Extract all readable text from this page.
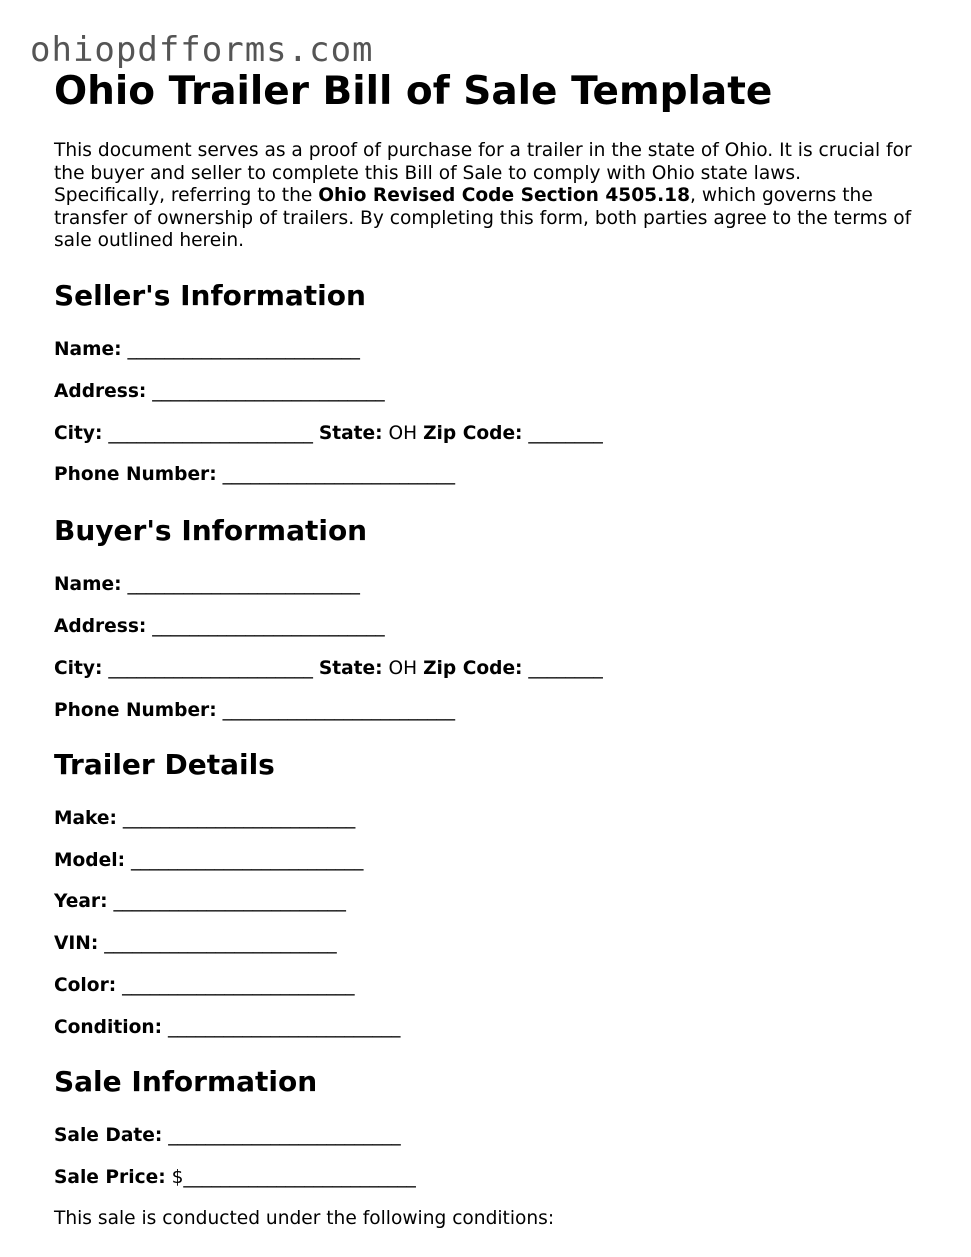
ohiopdfforms.com
Ohio Trailer Bill of Sale Template

This document serves as a proof of purchase for a trailer in the state of Ohio. It is crucial for the buyer and seller to complete this Bill of Sale to comply with Ohio state laws. Specifically, referring to the Ohio Revised Code Section 4505.18, which governs the transfer of ownership of trailers. By completing this form, both parties agree to the terms of sale outlined herein.

Seller's Information

Name: _________________________

Address: _________________________

City: ______________________ State: OH Zip Code: ________

Phone Number: _________________________

Buyer's Information

Name: _________________________

Address: _________________________

City: ______________________ State: OH Zip Code: ________

Phone Number: _________________________

Trailer Details

Make: _________________________

Model: _________________________

Year: _________________________

VIN: _________________________

Color: _________________________

Condition: _________________________

Sale Information

Sale Date: _________________________

Sale Price: $_________________________

This sale is conducted under the following conditions:
